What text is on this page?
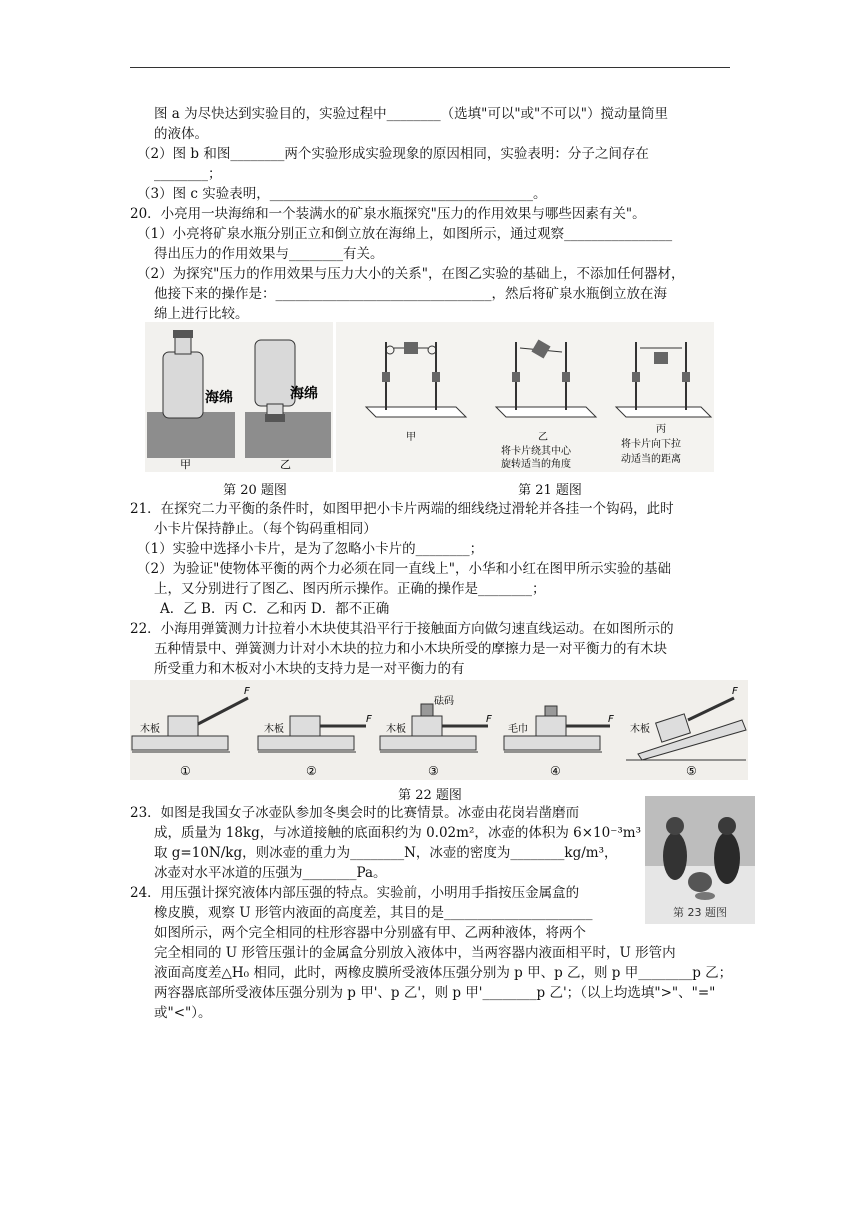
图 a 为尽快达到实验目的，实验过程中________（选填"可以"或"不可以"）搅动量筒里
的液体。
（2）图 b 和图________两个实验形成实验现象的原因相同，实验表明：分子之间存在
________；
（3）图 c 实验表明，_______________________________________。
20．小亮用一块海绵和一个装满水的矿泉水瓶探究"压力的作用效果与哪些因素有关"。
（1）小亮将矿泉水瓶分别正立和倒立放在海绵上，如图所示，通过观察________________
得出压力的作用效果与________有关。
（2）为探究"压力的作用效果与压力大小的关系"，在图乙实验的基础上，不添加任何器材，
他接下来的操作是：________________________________，然后将矿泉水瓶倒立放在海
绵上进行比较。
海绵	海绵
甲	乙
甲	乙
将卡片绕其中心
旋转适当的角度
丙
将卡片向下拉
动适当的距离
第 20 题图	第 21 题图
21．在探究二力平衡的条件时，如图甲把小卡片两端的细线绕过滑轮并各挂一个钩码，此时
小卡片保持静止。（每个钩码重相同）
（1）实验中选择小卡片，是为了忽略小卡片的________；
（2）为验证"使物体平衡的两个力必须在同一直线上"，小华和小红在图甲所示实验的基础
上，又分别进行了图乙、图丙所示操作。正确的操作是________；
A．乙 B．丙 C．乙和丙 D．都不正确
22．小海用弹簧测力计拉着小木块使其沿平行于接触面方向做匀速直线运动。在如图所示的
五种情景中、弹簧测力计对小木块的拉力和小木块所受的摩擦力是一对平衡力的有木块
所受重力和木板对小木块的支持力是一对平衡力的有
木板
F
①
木板
F
②
木板
砝码
F
③
毛巾
F
④
木板
F
⑤
第 22 题图
23．如图是我国女子冰壶队参加冬奥会时的比赛情景。冰壶由花岗岩凿磨而
成，质量为 18kg，与冰道接触的底面积约为 0.02m²，冰壶的体积为 6×10⁻³m³
取 g=10N/kg，则冰壶的重力为________N，冰壶的密度为________kg/m³，
冰壶对水平冰道的压强为________Pa。
24．用压强计探究液体内部压强的特点。实验前，小明用手指按压金属盒的
橡皮膜，观察 U 形管内液面的高度差，其目的是______________________
如图所示，两个完全相同的柱形容器中分别盛有甲、乙两种液体，将两个
完全相同的 U 形管压强计的金属盒分别放入液体中，当两容器内液面相平时，U 形管内
液面高度差△H₀ 相同，此时，两橡皮膜所受液体压强分别为 p 甲、p 乙，则 p 甲________p 乙；
两容器底部所受液体压强分别为 p 甲'、p 乙'，则 p 甲'________p 乙'；（以上均选填">"、"="
或"<"）。
第 23 题图
